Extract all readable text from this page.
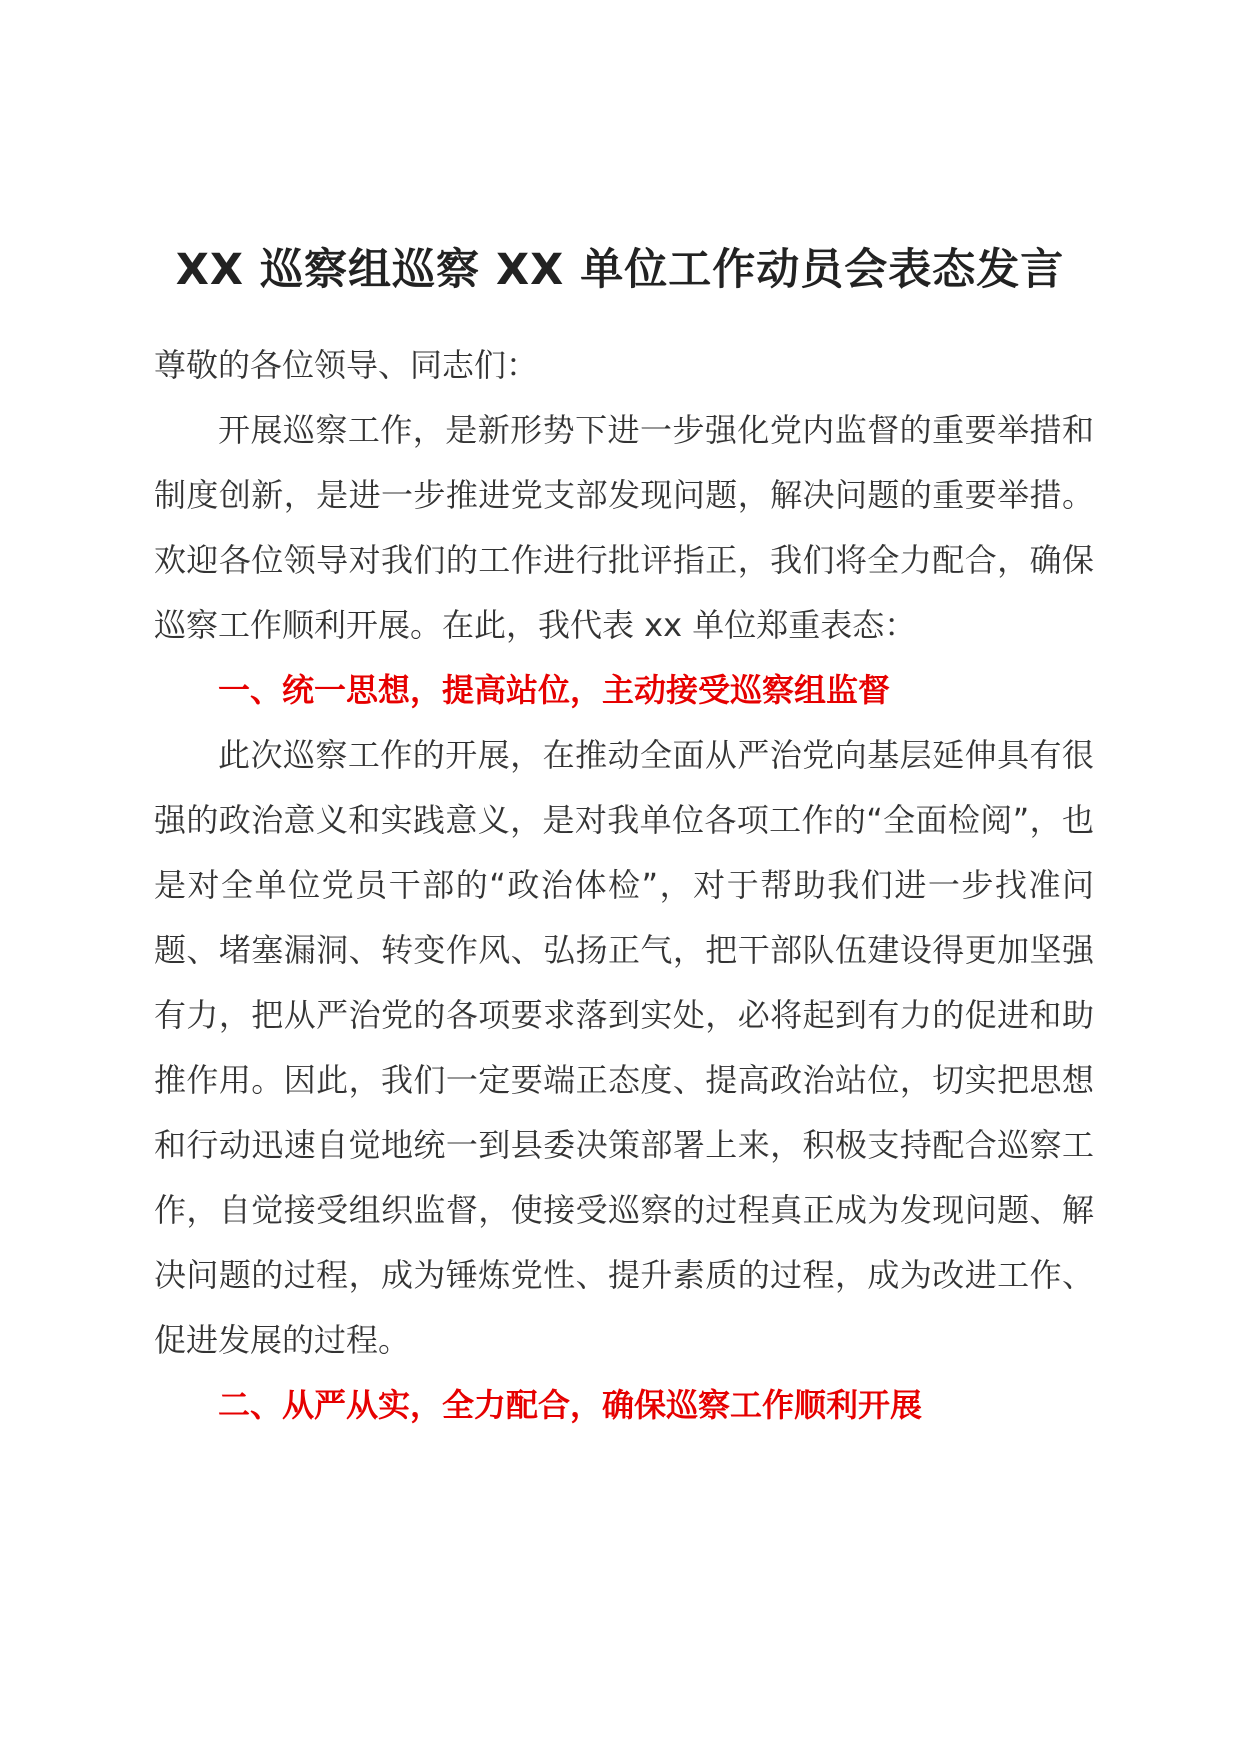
XX 巡察组巡察 XX 单位工作动员会表态发言

尊敬的各位领导、同志们：

开展巡察工作，是新形势下进一步强化党内监督的重要举措和制度创新，是进一步推进党支部发现问题，解决问题的重要举措。欢迎各位领导对我们的工作进行批评指正，我们将全力配合，确保巡察工作顺利开展。在此，我代表 xx 单位郑重表态：

一、统一思想，提高站位，主动接受巡察组监督

此次巡察工作的开展，在推动全面从严治党向基层延伸具有很强的政治意义和实践意义，是对我单位各项工作的“全面检阅”，也是对全单位党员干部的“政治体检”，对于帮助我们进一步找准问题、堵塞漏洞、转变作风、弘扬正气，把干部队伍建设得更加坚强有力，把从严治党的各项要求落到实处，必将起到有力的促进和助推作用。因此，我们一定要端正态度、提高政治站位，切实把思想和行动迅速自觉地统一到县委决策部署上来，积极支持配合巡察工作，自觉接受组织监督，使接受巡察的过程真正成为发现问题、解决问题的过程，成为锤炼党性、提升素质的过程，成为改进工作、促进发展的过程。

二、从严从实，全力配合，确保巡察工作顺利开展
